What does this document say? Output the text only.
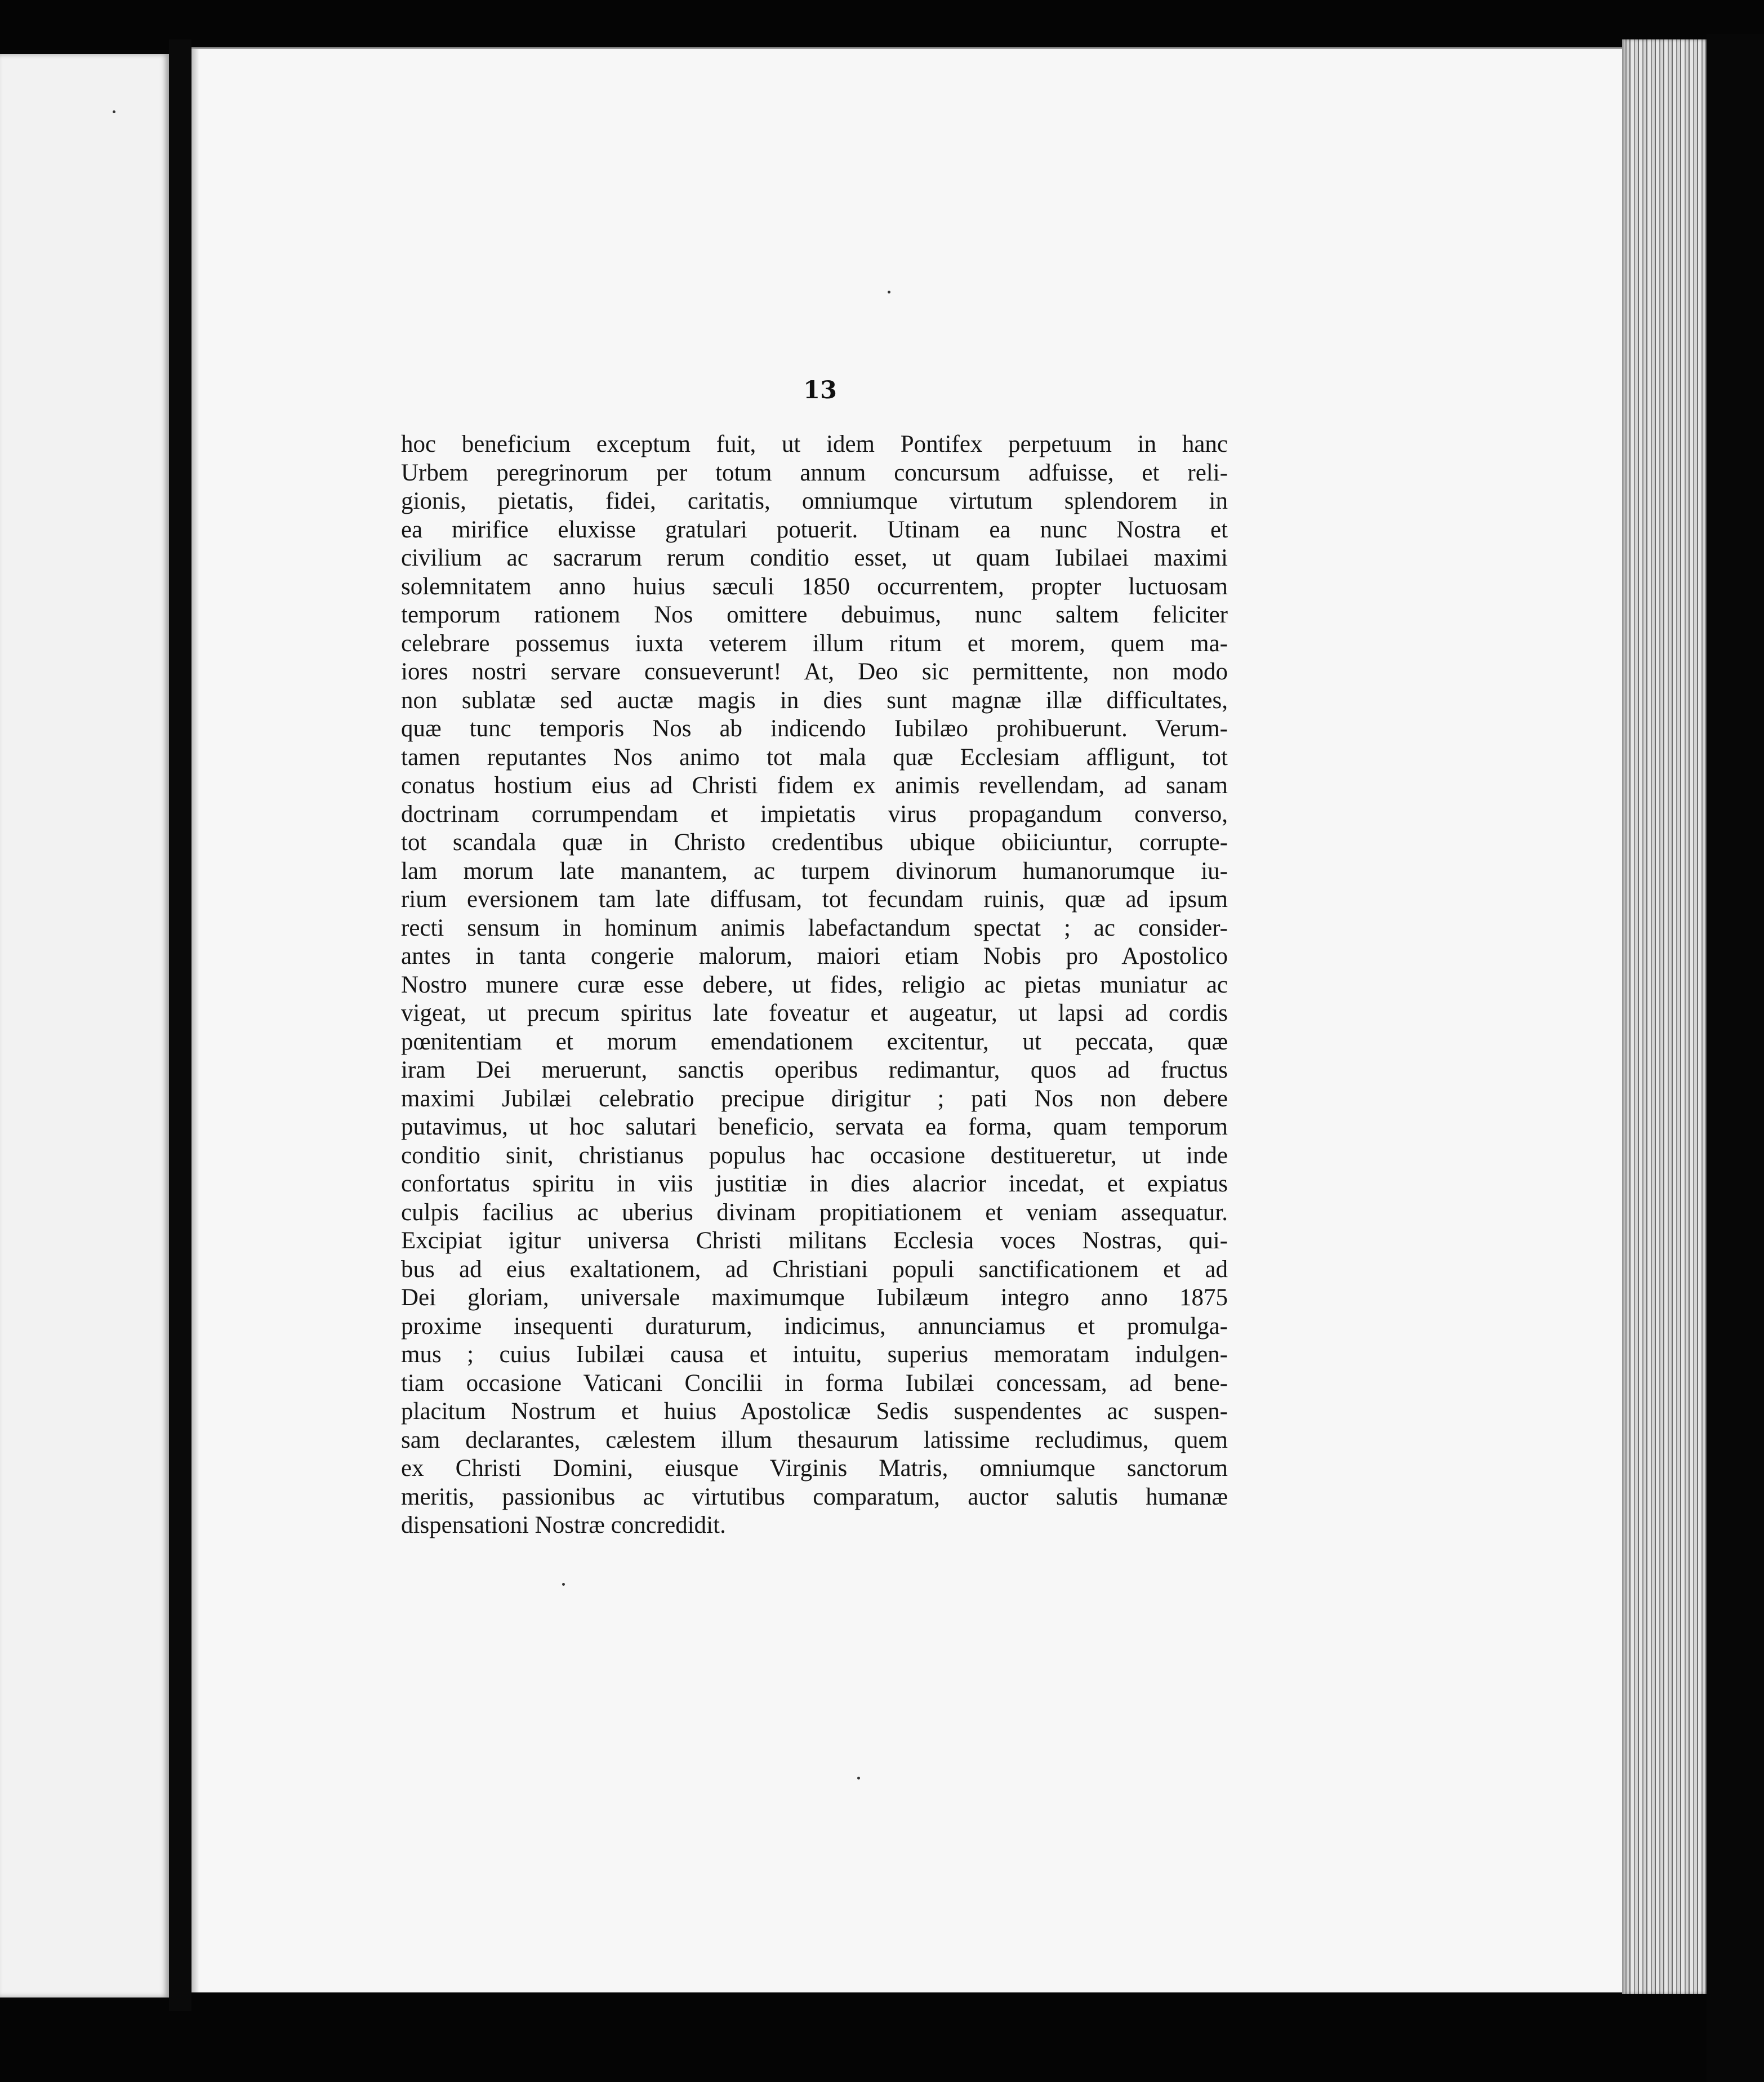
13
hoc beneficium exceptum fuit, ut idem Pontifex perpetuum in hanc
Urbem peregrinorum per totum annum concursum adfuisse, et reli-
gionis, pietatis, fidei, caritatis, omniumque virtutum splendorem in
ea mirifice eluxisse gratulari potuerit. Utinam ea nunc Nostra et
civilium ac sacrarum rerum conditio esset, ut quam Iubilaei maximi
solemnitatem anno huius sæculi 1850 occurrentem, propter luctuosam
temporum rationem Nos omittere debuimus, nunc saltem feliciter
celebrare possemus iuxta veterem illum ritum et morem, quem ma-
iores nostri servare consueverunt! At, Deo sic permittente, non modo
non sublatæ sed auctæ magis in dies sunt magnæ illæ difficultates,
quæ tunc temporis Nos ab indicendo Iubilæo prohibuerunt. Verum-
tamen reputantes Nos animo tot mala quæ Ecclesiam affligunt, tot
conatus hostium eius ad Christi fidem ex animis revellendam, ad sanam
doctrinam corrumpendam et impietatis virus propagandum converso,
tot scandala quæ in Christo credentibus ubique obiiciuntur, corrupte-
lam morum late manantem, ac turpem divinorum humanorumque iu-
rium eversionem tam late diffusam, tot fecundam ruinis, quæ ad ipsum
recti sensum in hominum animis labefactandum spectat ; ac consider-
antes in tanta congerie malorum, maiori etiam Nobis pro Apostolico
Nostro munere curæ esse debere, ut fides, religio ac pietas muniatur ac
vigeat, ut precum spiritus late foveatur et augeatur, ut lapsi ad cordis
pœnitentiam et morum emendationem excitentur, ut peccata, quæ
iram Dei meruerunt, sanctis operibus redimantur, quos ad fructus
maximi Jubilæi celebratio precipue dirigitur ; pati Nos non debere
putavimus, ut hoc salutari beneficio, servata ea forma, quam temporum
conditio sinit, christianus populus hac occasione destitueretur, ut inde
confortatus spiritu in viis justitiæ in dies alacrior incedat, et expiatus
culpis facilius ac uberius divinam propitiationem et veniam assequatur.
Excipiat igitur universa Christi militans Ecclesia voces Nostras, qui-
bus ad eius exaltationem, ad Christiani populi sanctificationem et ad
Dei gloriam, universale maximumque Iubilæum integro anno 1875
proxime insequenti duraturum, indicimus, annunciamus et promulga-
mus ; cuius Iubilæi causa et intuitu, superius memoratam indulgen-
tiam occasione Vaticani Concilii in forma Iubilæi concessam, ad bene-
placitum Nostrum et huius Apostolicæ Sedis suspendentes ac suspen-
sam declarantes, cælestem illum thesaurum latissime recludimus, quem
ex Christi Domini, eiusque Virginis Matris, omniumque sanctorum
meritis, passionibus ac virtutibus comparatum, auctor salutis humanæ
dispensationi Nostræ concredidit.
